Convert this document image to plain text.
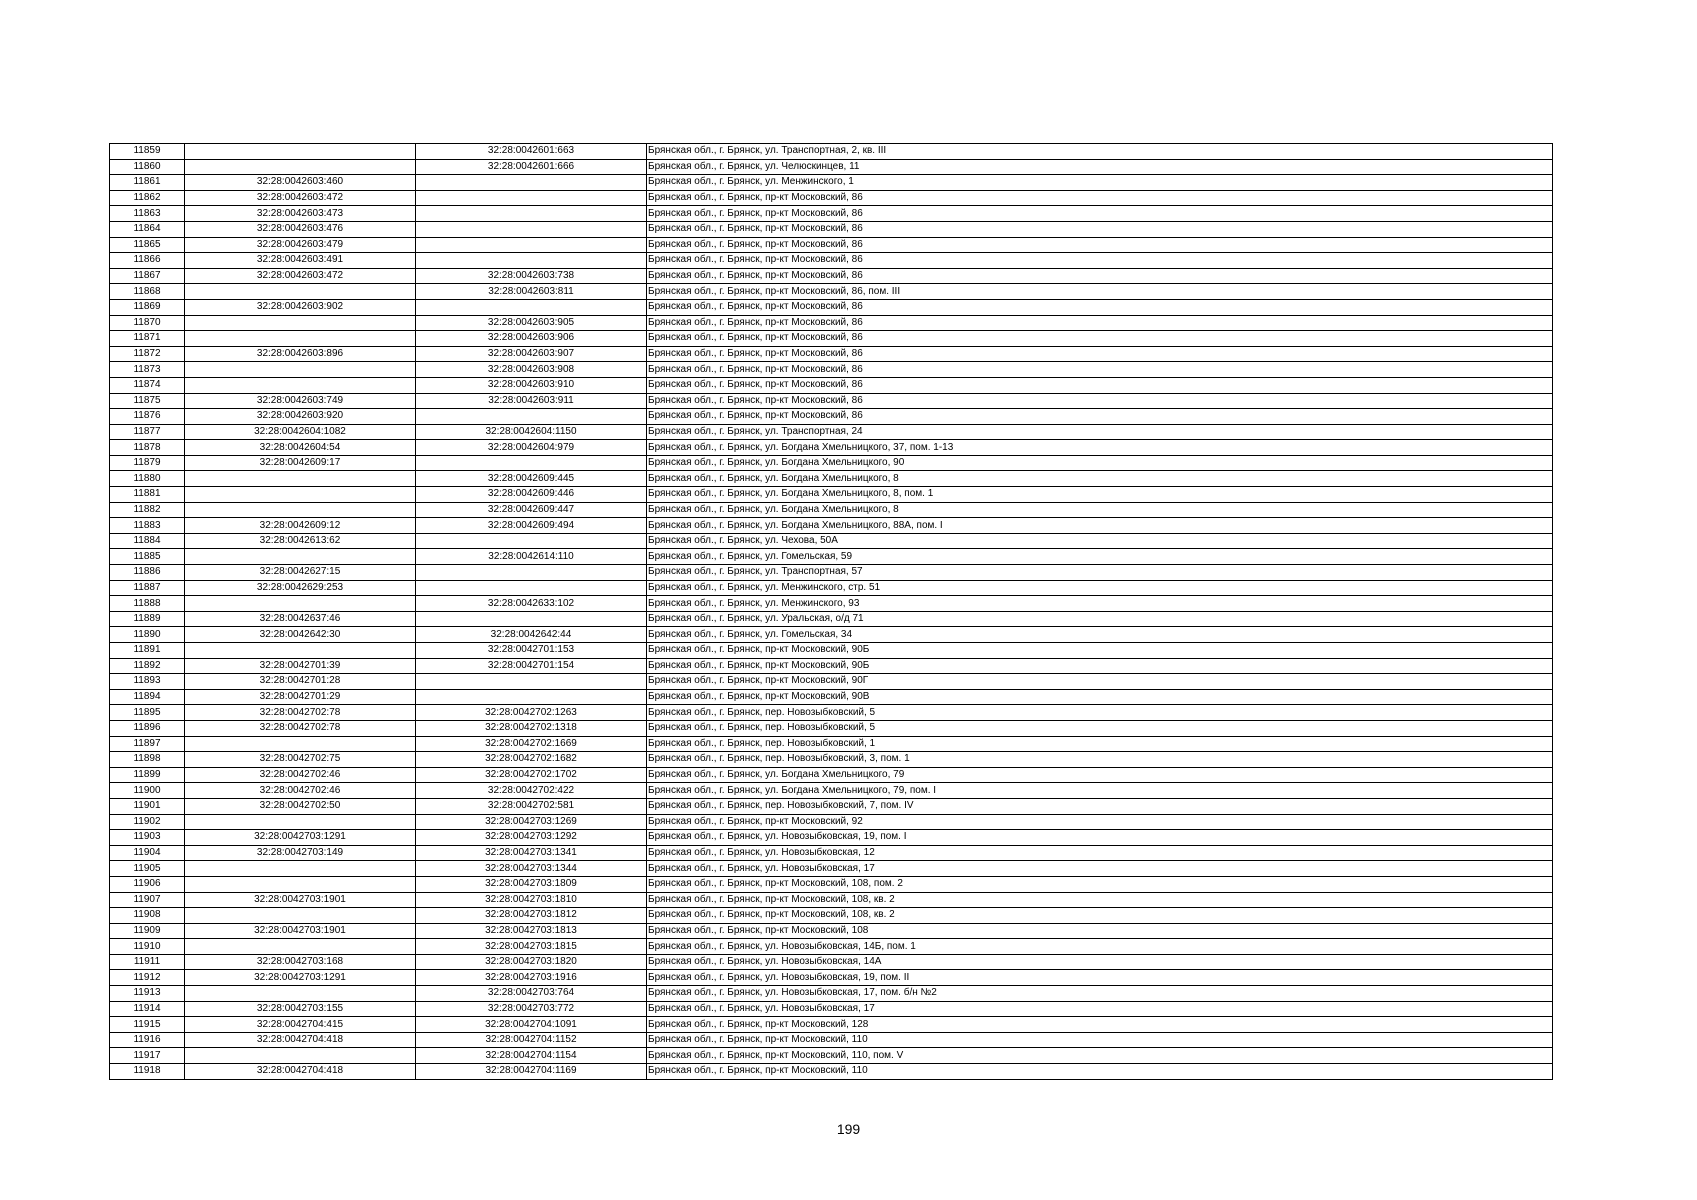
11859		32:28:0042601:663	Брянская обл., г. Брянск, ул. Транспортная, 2, кв. III
11860		32:28:0042601:666	Брянская обл., г. Брянск, ул. Челюскинцев, 11
11861	32:28:0042603:460		Брянская обл., г. Брянск, ул. Менжинского, 1
11862	32:28:0042603:472		Брянская обл., г. Брянск, пр-кт Московский, 86
11863	32:28:0042603:473		Брянская обл., г. Брянск, пр-кт Московский, 86
11864	32:28:0042603:476		Брянская обл., г. Брянск, пр-кт Московский, 86
11865	32:28:0042603:479		Брянская обл., г. Брянск, пр-кт Московский, 86
11866	32:28:0042603:491		Брянская обл., г. Брянск, пр-кт Московский, 86
11867	32:28:0042603:472	32:28:0042603:738	Брянская обл., г. Брянск, пр-кт Московский, 86
11868		32:28:0042603:811	Брянская обл., г. Брянск, пр-кт Московский, 86, пом. III
11869	32:28:0042603:902		Брянская обл., г. Брянск, пр-кт Московский, 86
11870		32:28:0042603:905	Брянская обл., г. Брянск, пр-кт Московский, 86
11871		32:28:0042603:906	Брянская обл., г. Брянск, пр-кт Московский, 86
11872	32:28:0042603:896	32:28:0042603:907	Брянская обл., г. Брянск, пр-кт Московский, 86
11873		32:28:0042603:908	Брянская обл., г. Брянск, пр-кт Московский, 86
11874		32:28:0042603:910	Брянская обл., г. Брянск, пр-кт Московский, 86
11875	32:28:0042603:749	32:28:0042603:911	Брянская обл., г. Брянск, пр-кт Московский, 86
11876	32:28:0042603:920		Брянская обл., г. Брянск, пр-кт Московский, 86
11877	32:28:0042604:1082	32:28:0042604:1150	Брянская обл., г. Брянск, ул. Транспортная, 24
11878	32:28:0042604:54	32:28:0042604:979	Брянская обл., г. Брянск, ул. Богдана Хмельницкого, 37, пом. 1-13
11879	32:28:0042609:17		Брянская обл., г. Брянск, ул. Богдана Хмельницкого, 90
11880		32:28:0042609:445	Брянская обл., г. Брянск, ул. Богдана Хмельницкого, 8
11881		32:28:0042609:446	Брянская обл., г. Брянск, ул. Богдана Хмельницкого, 8, пом. 1
11882		32:28:0042609:447	Брянская обл., г. Брянск, ул. Богдана Хмельницкого, 8
11883	32:28:0042609:12	32:28:0042609:494	Брянская обл., г. Брянск, ул. Богдана Хмельницкого, 88А, пом. I
11884	32:28:0042613:62		Брянская обл., г. Брянск, ул. Чехова, 50А
11885		32:28:0042614:110	Брянская обл., г. Брянск, ул. Гомельская, 59
11886	32:28:0042627:15		Брянская обл., г. Брянск, ул. Транспортная, 57
11887	32:28:0042629:253		Брянская обл., г. Брянск, ул. Менжинского, стр. 51
11888		32:28:0042633:102	Брянская обл., г. Брянск, ул. Менжинского, 93
11889	32:28:0042637:46		Брянская обл., г. Брянск, ул. Уральская, о/д 71
11890	32:28:0042642:30	32:28:0042642:44	Брянская обл., г. Брянск, ул. Гомельская, 34
11891		32:28:0042701:153	Брянская обл., г. Брянск, пр-кт Московский, 90Б
11892	32:28:0042701:39	32:28:0042701:154	Брянская обл., г. Брянск, пр-кт Московский, 90Б
11893	32:28:0042701:28		Брянская обл., г. Брянск, пр-кт Московский, 90Г
11894	32:28:0042701:29		Брянская обл., г. Брянск, пр-кт Московский, 90В
11895	32:28:0042702:78	32:28:0042702:1263	Брянская обл., г. Брянск, пер. Новозыбковский, 5
11896	32:28:0042702:78	32:28:0042702:1318	Брянская обл., г. Брянск, пер. Новозыбковский, 5
11897		32:28:0042702:1669	Брянская обл., г. Брянск, пер. Новозыбковский, 1
11898	32:28:0042702:75	32:28:0042702:1682	Брянская обл., г. Брянск, пер. Новозыбковский, 3, пом. 1
11899	32:28:0042702:46	32:28:0042702:1702	Брянская обл., г. Брянск, ул. Богдана Хмельницкого, 79
11900	32:28:0042702:46	32:28:0042702:422	Брянская обл., г. Брянск, ул. Богдана Хмельницкого, 79, пом. I
11901	32:28:0042702:50	32:28:0042702:581	Брянская обл., г. Брянск, пер. Новозыбковский, 7, пом. IV
11902		32:28:0042703:1269	Брянская обл., г. Брянск, пр-кт Московский, 92
11903	32:28:0042703:1291	32:28:0042703:1292	Брянская обл., г. Брянск, ул. Новозыбковская, 19, пом. I
11904	32:28:0042703:149	32:28:0042703:1341	Брянская обл., г. Брянск, ул. Новозыбковская, 12
11905		32:28:0042703:1344	Брянская обл., г. Брянск, ул. Новозыбковская, 17
11906		32:28:0042703:1809	Брянская обл., г. Брянск, пр-кт Московский, 108, пом. 2
11907	32:28:0042703:1901	32:28:0042703:1810	Брянская обл., г. Брянск, пр-кт Московский, 108, кв. 2
11908		32:28:0042703:1812	Брянская обл., г. Брянск, пр-кт Московский, 108, кв. 2
11909	32:28:0042703:1901	32:28:0042703:1813	Брянская обл., г. Брянск, пр-кт Московский, 108
11910		32:28:0042703:1815	Брянская обл., г. Брянск, ул. Новозыбковская, 14Б, пом. 1
11911	32:28:0042703:168	32:28:0042703:1820	Брянская обл., г. Брянск, ул. Новозыбковская, 14А
11912	32:28:0042703:1291	32:28:0042703:1916	Брянская обл., г. Брянск, ул. Новозыбковская, 19, пом. II
11913		32:28:0042703:764	Брянская обл., г. Брянск, ул. Новозыбковская, 17, пом. б/н №2
11914	32:28:0042703:155	32:28:0042703:772	Брянская обл., г. Брянск, ул. Новозыбковская, 17
11915	32:28:0042704:415	32:28:0042704:1091	Брянская обл., г. Брянск, пр-кт Московский, 128
11916	32:28:0042704:418	32:28:0042704:1152	Брянская обл., г. Брянск, пр-кт Московский, 110
11917		32:28:0042704:1154	Брянская обл., г. Брянск, пр-кт Московский, 110, пом. V
11918	32:28:0042704:418	32:28:0042704:1169	Брянская обл., г. Брянск, пр-кт Московский, 110
199
